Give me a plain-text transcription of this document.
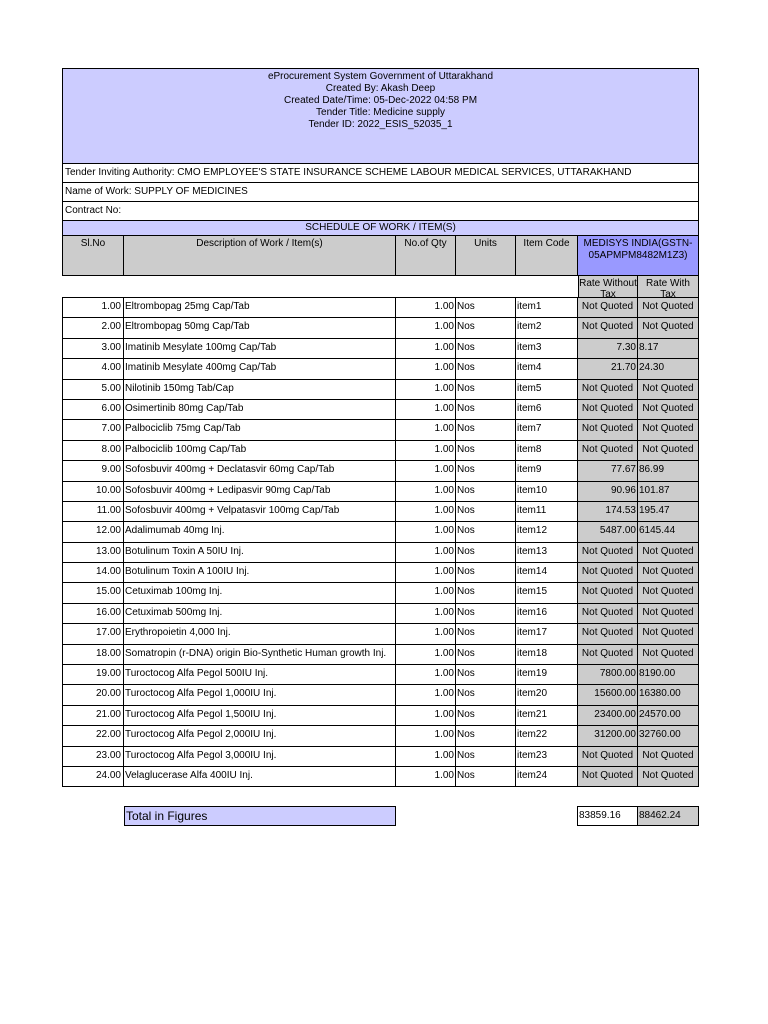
eProcurement System Government of Uttarakhand
Created By: Akash Deep
Created Date/Time: 05-Dec-2022 04:58 PM
Tender Title: Medicine supply
Tender ID: 2022_ESIS_52035_1
Tender Inviting Authority: CMO EMPLOYEE'S STATE INSURANCE SCHEME LABOUR MEDICAL SERVICES, UTTARAKHAND
Name of Work: SUPPLY OF MEDICINES
Contract No:
SCHEDULE OF WORK / ITEM(S)
Sl.No	Description of Work / Item(s)	No.of Qty	Units	Item Code	MEDISYS INDIA(GSTN-05APMPM8482M1Z3)
Rate Without Tax
Rate With Tax
1.00 Eltrombopag 25mg Cap/Tab	1.00 Nos	item1	Not Quoted Not Quoted
2.00 Eltrombopag 50mg Cap/Tab	1.00 Nos	item2	Not Quoted Not Quoted
3.00 Imatinib Mesylate 100mg Cap/Tab	1.00 Nos	item3	7.30 8.17
4.00 Imatinib Mesylate 400mg Cap/Tab	1.00 Nos	item4	21.70 24.30
5.00 Nilotinib 150mg Tab/Cap	1.00 Nos	item5	Not Quoted Not Quoted
6.00 Osimertinib 80mg Cap/Tab	1.00 Nos	item6	Not Quoted Not Quoted
7.00 Palbociclib 75mg Cap/Tab	1.00 Nos	item7	Not Quoted Not Quoted
8.00 Palbociclib 100mg Cap/Tab	1.00 Nos	item8	Not Quoted Not Quoted
9.00 Sofosbuvir 400mg + Declatasvir 60mg Cap/Tab	1.00 Nos	item9	77.67 86.99
10.00 Sofosbuvir 400mg + Ledipasvir 90mg Cap/Tab	1.00 Nos	item10	90.96 101.87
11.00 Sofosbuvir 400mg + Velpatasvir 100mg Cap/Tab	1.00 Nos	item11	174.53 195.47
12.00 Adalimumab 40mg Inj.	1.00 Nos	item12	5487.00 6145.44
13.00 Botulinum Toxin A 50IU Inj.	1.00 Nos	item13	Not Quoted Not Quoted
14.00 Botulinum Toxin A 100IU Inj.	1.00 Nos	item14	Not Quoted Not Quoted
15.00 Cetuximab 100mg Inj.	1.00 Nos	item15	Not Quoted Not Quoted
16.00 Cetuximab 500mg Inj.	1.00 Nos	item16	Not Quoted Not Quoted
17.00 Erythropoietin 4,000 Inj.	1.00 Nos	item17	Not Quoted Not Quoted
18.00 Somatropin (r-DNA) origin Bio-Synthetic Human growth Inj.	1.00 Nos	item18	Not Quoted Not Quoted
19.00 Turoctocog Alfa Pegol 500IU Inj.	1.00 Nos	item19	7800.00 8190.00
20.00 Turoctocog Alfa Pegol 1,000IU Inj.	1.00 Nos	item20	15600.00 16380.00
21.00 Turoctocog Alfa Pegol 1,500IU Inj.	1.00 Nos	item21	23400.00 24570.00
22.00 Turoctocog Alfa Pegol 2,000IU Inj.	1.00 Nos	item22	31200.00 32760.00
23.00 Turoctocog Alfa Pegol 3,000IU Inj.	1.00 Nos	item23	Not Quoted Not Quoted
24.00 Velaglucerase Alfa 400IU Inj.	1.00 Nos	item24	Not Quoted Not Quoted
Total in Figures	83859.16	88462.24
